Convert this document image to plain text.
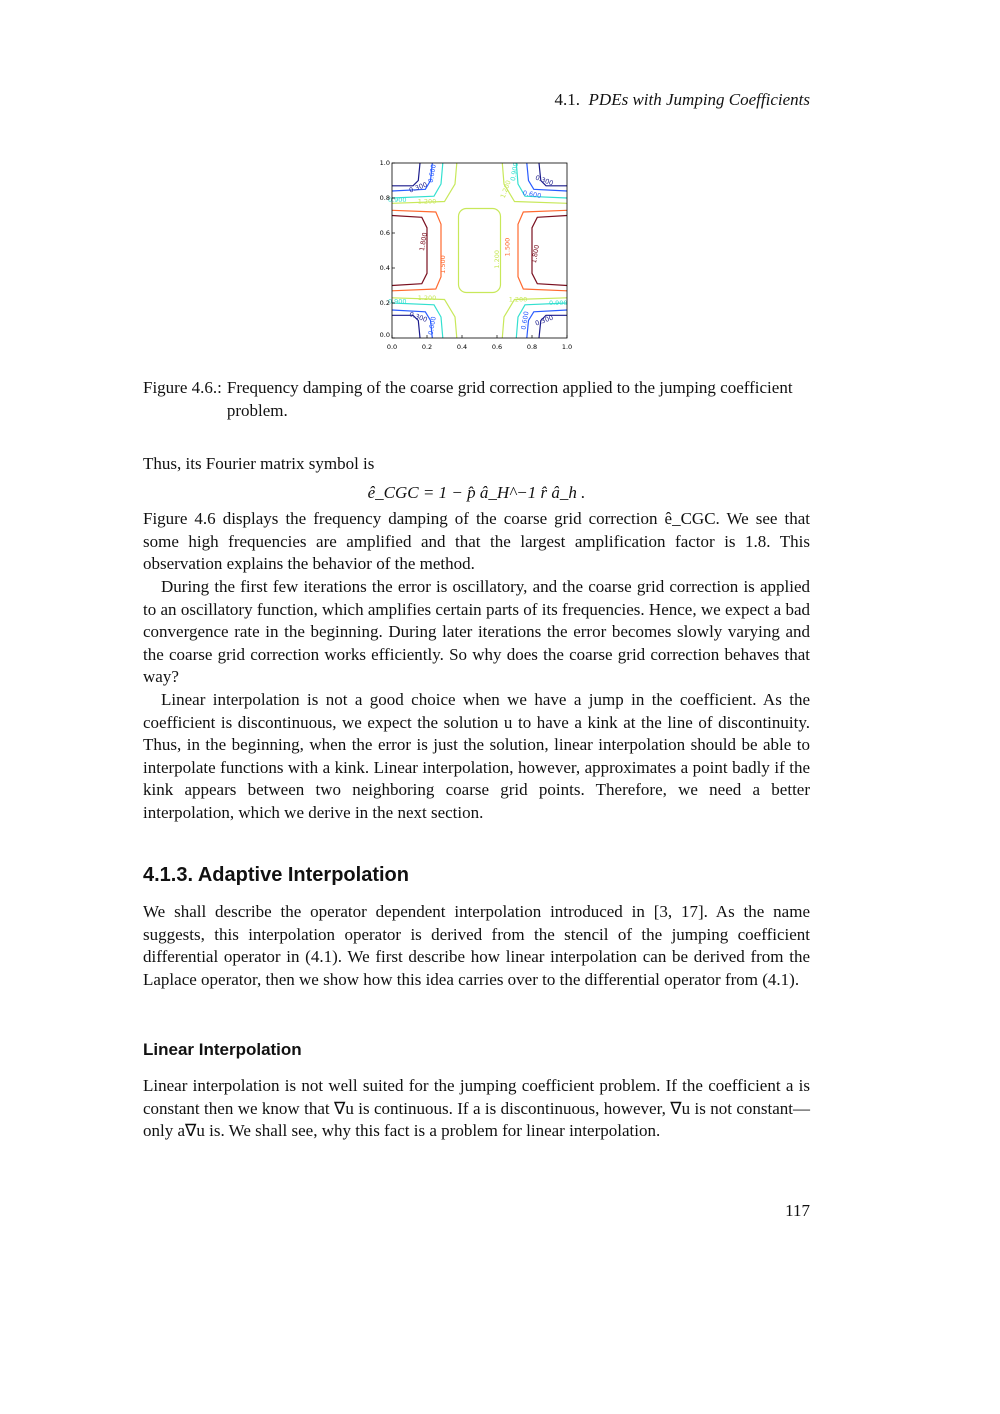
4.1. PDEs with Jumping Coefficients
0.300
0.300
0.300	0.300
0.600
0.600
0.600	0.600
0.900
0.900
0.900	0.900
1.200
1.200	1.200
1.200
1.200
1.500
1.500
1.800
1.800
0.0	0.2	0.4	0.6	0.8	1.0
0.0
0.2
0.4
0.6
0.8
1.0
Figure 4.6.: Frequency damping of the coarse grid correction applied to the jumping coefficient problem.

Thus, its Fourier matrix symbol is

ê_CGC = 1 − p̂ â_H^−1 r̂ â_h .

Figure 4.6 displays the frequency damping of the coarse grid correction ê_CGC. We see that some high frequencies are amplified and that the largest amplification factor is 1.8. This observation explains the behavior of the method.

During the first few iterations the error is oscillatory, and the coarse grid correction is applied to an oscillatory function, which amplifies certain parts of its frequencies. Hence, we expect a bad convergence rate in the beginning. During later iterations the error becomes slowly varying and the coarse grid correction works efficiently. So why does the coarse grid correction behaves that way?

Linear interpolation is not a good choice when we have a jump in the coefficient. As the coefficient is discontinuous, we expect the solution u to have a kink at the line of discontinuity. Thus, in the beginning, when the error is just the solution, linear interpolation should be able to interpolate functions with a kink. Linear interpolation, however, approximates a point badly if the kink appears between two neighboring coarse grid points. Therefore, we need a better interpolation, which we derive in the next section.

4.1.3. Adaptive Interpolation

We shall describe the operator dependent interpolation introduced in [3, 17]. As the name suggests, this interpolation operator is derived from the stencil of the jumping coefficient differential operator in (4.1). We first describe how linear interpolation can be derived from the Laplace operator, then we show how this idea carries over to the differential operator from (4.1).

Linear Interpolation

Linear interpolation is not well suited for the jumping coefficient problem. If the coefficient a is constant then we know that ∇u is continuous. If a is discontinuous, however, ∇u is not constant—only a∇u is. We shall see, why this fact is a problem for linear interpolation.

117
